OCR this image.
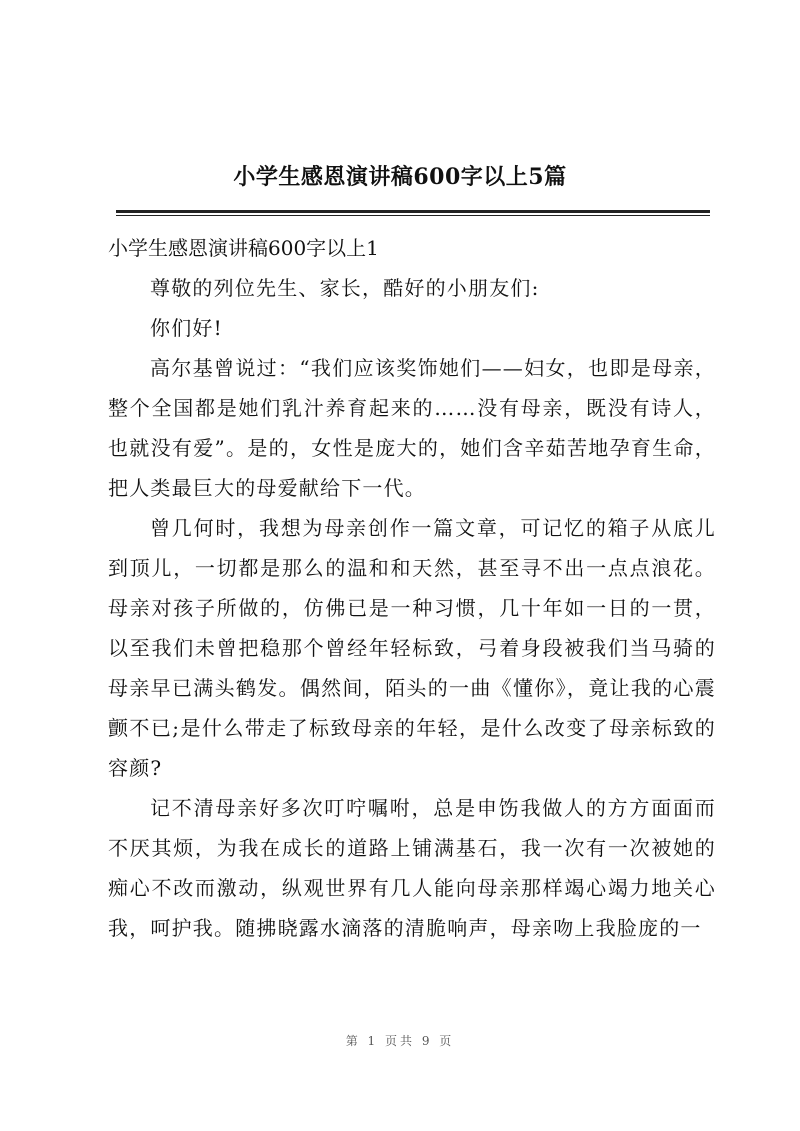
小学生感恩演讲稿600字以上5篇
小学生感恩演讲稿600字以上1

尊敬的列位先生、家长，酷好的小朋友们:

你们好!

高尔基曾说过：“我们应该奖饰她们——妇女，也即是母亲，整个全国都是她们乳汁养育起来的……没有母亲，既没有诗人，也就没有爱”。是的，女性是庞大的，她们含辛茹苦地孕育生命，把人类最巨大的母爱献给下一代。

曾几何时，我想为母亲创作一篇文章，可记忆的箱子从底儿到顶儿，一切都是那么的温和和天然，甚至寻不出一点点浪花。母亲对孩子所做的，仿佛已是一种习惯，几十年如一日的一贯，以至我们未曾把稳那个曾经年轻标致，弓着身段被我们当马骑的母亲早已满头鹤发。偶然间，陌头的一曲《懂你》，竟让我的心震颤不已;是什么带走了标致母亲的年轻，是什么改变了母亲标致的容颜?

记不清母亲好多次叮咛嘱咐，总是申饬我做人的方方面面而不厌其烦，为我在成长的道路上铺满基石，我一次有一次被她的痴心不改而激动，纵观世界有几人能向母亲那样竭心竭力地关心我，呵护我。随拂晓露水滴落的清脆响声，母亲吻上我脸庞的一

第 1 页共 9 页
